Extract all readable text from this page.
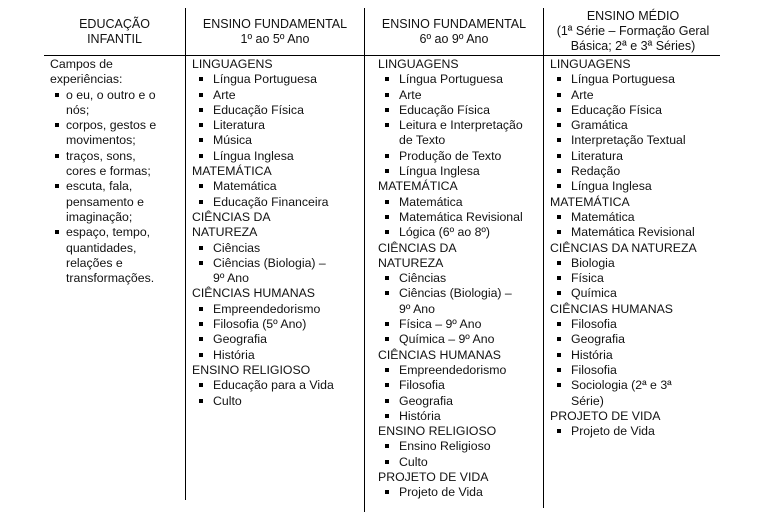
EDUCAÇÃO
INFANTIL
Campos de
experiências:
o eu, o outro e o
nós;
corpos, gestos e
movimentos;
traços, sons,
cores e formas;
escuta, fala,
pensamento e
imaginação;
espaço, tempo,
quantidades,
relações e
transformações.
ENSINO FUNDAMENTAL
1º ao 5º Ano
LINGUAGENS
Língua Portuguesa
Arte
Educação Física
Literatura
Música
Língua Inglesa
MATEMÁTICA
Matemática
Educação Financeira
CIÊNCIAS DA
NATUREZA
Ciências
Ciências (Biologia) –
9º Ano
CIÊNCIAS HUMANAS
Empreendedorismo
Filosofia (5º Ano)
Geografia
História
ENSINO RELIGIOSO
Educação para a Vida
Culto
ENSINO FUNDAMENTAL
6º ao 9º Ano
LINGUAGENS
Língua Portuguesa
Arte
Educação Física
Leitura e Interpretação
de Texto
Produção de Texto
Língua Inglesa
MATEMÁTICA
Matemática
Matemática Revisional
Lógica (6º ao 8º)
CIÊNCIAS DA
NATUREZA
Ciências
Ciências (Biologia) –
9º Ano
Física – 9º Ano
Química – 9º Ano
CIÊNCIAS HUMANAS
Empreendedorismo
Filosofia
Geografia
História
ENSINO RELIGIOSO
Ensino Religioso
Culto
PROJETO DE VIDA
Projeto de Vida
ENSINO MÉDIO
(1ª Série – Formação Geral
Básica; 2ª e 3ª Séries)
LINGUAGENS
Língua Portuguesa
Arte
Educação Física
Gramática
Interpretação Textual
Literatura
Redação
Língua Inglesa
MATEMÁTICA
Matemática
Matemática Revisional
CIÊNCIAS DA NATUREZA
Biologia
Física
Química
CIÊNCIAS HUMANAS
Filosofia
Geografia
História
Filosofia
Sociologia (2ª e 3ª
Série)
PROJETO DE VIDA
Projeto de Vida
